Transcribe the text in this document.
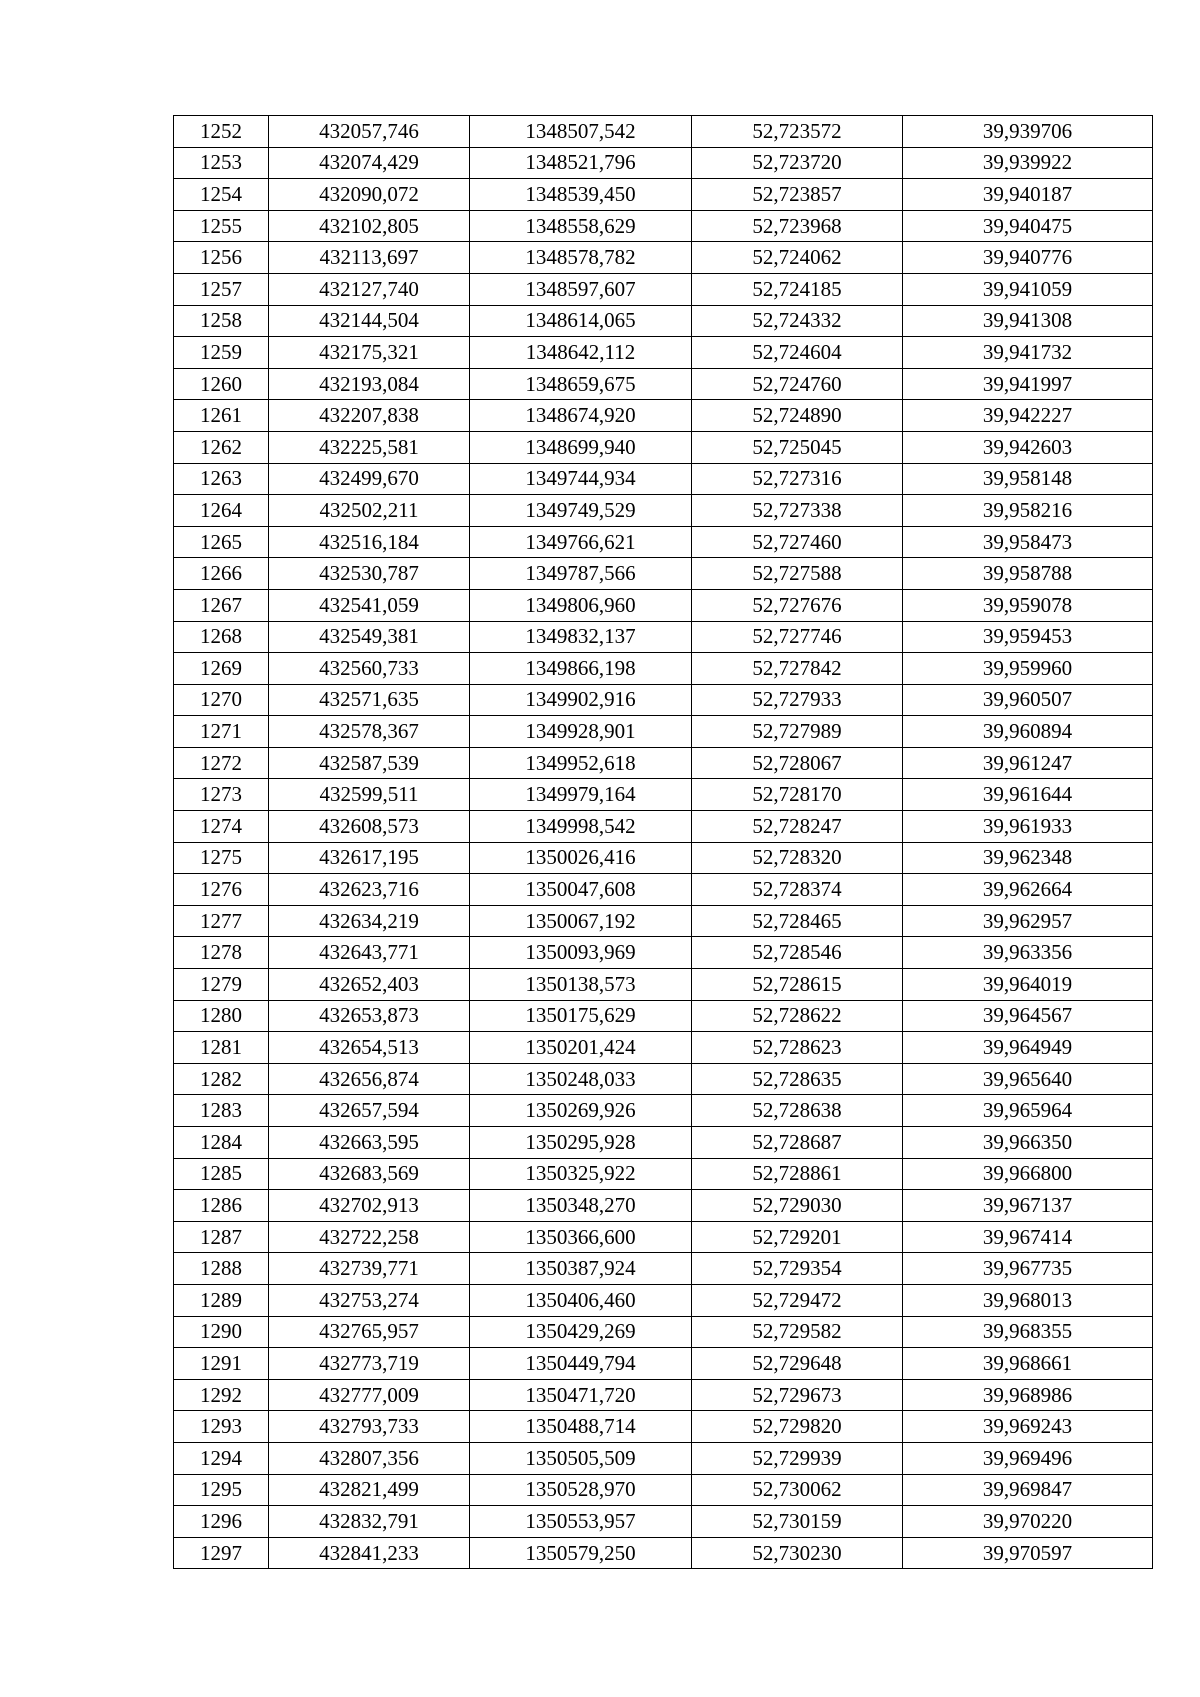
1252	432057,746	1348507,542	52,723572	39,939706
1253	432074,429	1348521,796	52,723720	39,939922
1254	432090,072	1348539,450	52,723857	39,940187
1255	432102,805	1348558,629	52,723968	39,940475
1256	432113,697	1348578,782	52,724062	39,940776
1257	432127,740	1348597,607	52,724185	39,941059
1258	432144,504	1348614,065	52,724332	39,941308
1259	432175,321	1348642,112	52,724604	39,941732
1260	432193,084	1348659,675	52,724760	39,941997
1261	432207,838	1348674,920	52,724890	39,942227
1262	432225,581	1348699,940	52,725045	39,942603
1263	432499,670	1349744,934	52,727316	39,958148
1264	432502,211	1349749,529	52,727338	39,958216
1265	432516,184	1349766,621	52,727460	39,958473
1266	432530,787	1349787,566	52,727588	39,958788
1267	432541,059	1349806,960	52,727676	39,959078
1268	432549,381	1349832,137	52,727746	39,959453
1269	432560,733	1349866,198	52,727842	39,959960
1270	432571,635	1349902,916	52,727933	39,960507
1271	432578,367	1349928,901	52,727989	39,960894
1272	432587,539	1349952,618	52,728067	39,961247
1273	432599,511	1349979,164	52,728170	39,961644
1274	432608,573	1349998,542	52,728247	39,961933
1275	432617,195	1350026,416	52,728320	39,962348
1276	432623,716	1350047,608	52,728374	39,962664
1277	432634,219	1350067,192	52,728465	39,962957
1278	432643,771	1350093,969	52,728546	39,963356
1279	432652,403	1350138,573	52,728615	39,964019
1280	432653,873	1350175,629	52,728622	39,964567
1281	432654,513	1350201,424	52,728623	39,964949
1282	432656,874	1350248,033	52,728635	39,965640
1283	432657,594	1350269,926	52,728638	39,965964
1284	432663,595	1350295,928	52,728687	39,966350
1285	432683,569	1350325,922	52,728861	39,966800
1286	432702,913	1350348,270	52,729030	39,967137
1287	432722,258	1350366,600	52,729201	39,967414
1288	432739,771	1350387,924	52,729354	39,967735
1289	432753,274	1350406,460	52,729472	39,968013
1290	432765,957	1350429,269	52,729582	39,968355
1291	432773,719	1350449,794	52,729648	39,968661
1292	432777,009	1350471,720	52,729673	39,968986
1293	432793,733	1350488,714	52,729820	39,969243
1294	432807,356	1350505,509	52,729939	39,969496
1295	432821,499	1350528,970	52,730062	39,969847
1296	432832,791	1350553,957	52,730159	39,970220
1297	432841,233	1350579,250	52,730230	39,970597
